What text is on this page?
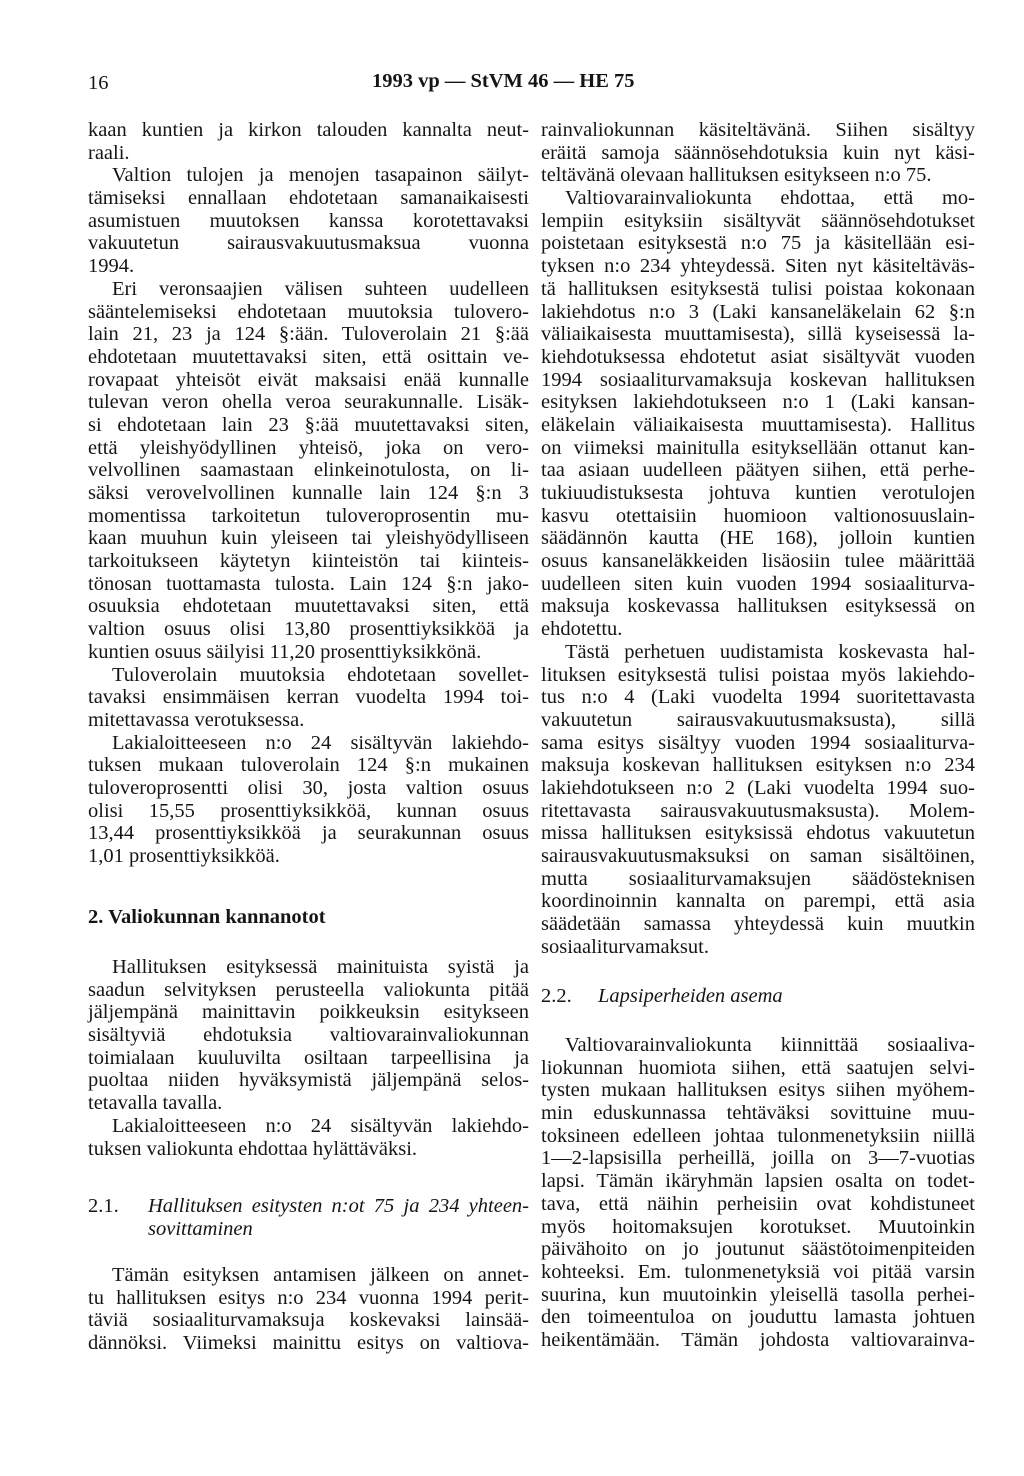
16	1993 vp — StVM 46 — HE 75
kaan kuntien ja kirkon talouden kannalta neut-
raali.
Valtion tulojen ja menojen tasapainon säilyt-
tämiseksi ennallaan ehdotetaan samanaikaisesti
asumistuen muutoksen kanssa korotettavaksi
vakuutetun sairausvakuutusmaksua vuonna
1994.
Eri veronsaajien välisen suhteen uudelleen
sääntelemiseksi ehdotetaan muutoksia tulovero-
lain 21, 23 ja 124 §:ään. Tuloverolain 21 §:ää
ehdotetaan muutettavaksi siten, että osittain ve-
rovapaat yhteisöt eivät maksaisi enää kunnalle
tulevan veron ohella veroa seurakunnalle. Lisäk-
si ehdotetaan lain 23 §:ää muutettavaksi siten,
että yleishyödyllinen yhteisö, joka on vero-
velvollinen saamastaan elinkeinotulosta, on li-
säksi verovelvollinen kunnalle lain 124 §:n 3
momentissa tarkoitetun tuloveroprosentin mu-
kaan muuhun kuin yleiseen tai yleishyödylliseen
tarkoitukseen käytetyn kiinteistön tai kiinteis-
tönosan tuottamasta tulosta. Lain 124 §:n jako-
osuuksia ehdotetaan muutettavaksi siten, että
valtion osuus olisi 13,80 prosenttiyksikköä ja
kuntien osuus säilyisi 11,20 prosenttiyksikkönä.
Tuloverolain muutoksia ehdotetaan sovellet-
tavaksi ensimmäisen kerran vuodelta 1994 toi-
mitettavassa verotuksessa.
Lakialoitteeseen n:o 24 sisältyvän lakiehdo-
tuksen mukaan tuloverolain 124 §:n mukainen
tuloveroprosentti olisi 30, josta valtion osuus
olisi 15,55 prosenttiyksikköä, kunnan osuus
13,44 prosenttiyksikköä ja seurakunnan osuus
1,01 prosenttiyksikköä.
2. Valiokunnan kannanotot
Hallituksen esityksessä mainituista syistä ja
saadun selvityksen perusteella valiokunta pitää
jäljempänä mainittavin poikkeuksin esitykseen
sisältyviä ehdotuksia valtiovarainvaliokunnan
toimialaan kuuluvilta osiltaan tarpeellisina ja
puoltaa niiden hyväksymistä jäljempänä selos-
tetavalla tavalla.
Lakialoitteeseen n:o 24 sisältyvän lakiehdo-
tuksen valiokunta ehdottaa hylättäväksi.
2.1.	Hallituksen esitysten n:ot 75 ja 234 yhteen-
sovittaminen
Tämän esityksen antamisen jälkeen on annet-
tu hallituksen esitys n:o 234 vuonna 1994 perit-
täviä sosiaaliturvamaksuja koskevaksi lainsää-
dännöksi. Viimeksi mainittu esitys on valtiova-
rainvaliokunnan käsiteltävänä. Siihen sisältyy
eräitä samoja säännösehdotuksia kuin nyt käsi-
teltävänä olevaan hallituksen esitykseen n:o 75.
Valtiovarainvaliokunta ehdottaa, että mo-
lempiin esityksiin sisältyvät säännösehdotukset
poistetaan esityksestä n:o 75 ja käsitellään esi-
tyksen n:o 234 yhteydessä. Siten nyt käsiteltäväs-
tä hallituksen esityksestä tulisi poistaa kokonaan
lakiehdotus n:o 3 (Laki kansaneläkelain 62 §:n
väliaikaisesta muuttamisesta), sillä kyseisessä la-
kiehdotuksessa ehdotetut asiat sisältyvät vuoden
1994 sosiaaliturvamaksuja koskevan hallituksen
esityksen lakiehdotukseen n:o 1 (Laki kansan-
eläkelain väliaikaisesta muuttamisesta). Hallitus
on viimeksi mainitulla esityksellään ottanut kan-
taa asiaan uudelleen päätyen siihen, että perhe-
tukiuudistuksesta johtuva kuntien verotulojen
kasvu otettaisiin huomioon valtionosuuslain-
säädännön kautta (HE 168), jolloin kuntien
osuus kansaneläkkeiden lisäosiin tulee määrittää
uudelleen siten kuin vuoden 1994 sosiaaliturva-
maksuja koskevassa hallituksen esityksessä on
ehdotettu.
Tästä perhetuen uudistamista koskevasta hal-
lituksen esityksestä tulisi poistaa myös lakiehdo-
tus n:o 4 (Laki vuodelta 1994 suoritettavasta
vakuutetun sairausvakuutusmaksusta), sillä
sama esitys sisältyy vuoden 1994 sosiaaliturva-
maksuja koskevan hallituksen esityksen n:o 234
lakiehdotukseen n:o 2 (Laki vuodelta 1994 suo-
ritettavasta sairausvakuutusmaksusta). Molem-
missa hallituksen esityksissä ehdotus vakuutetun
sairausvakuutusmaksuksi on saman sisältöinen,
mutta sosiaaliturvamaksujen säädösteknisen
koordinoinnin kannalta on parempi, että asia
säädetään samassa yhteydessä kuin muutkin
sosiaaliturvamaksut.
2.2.	Lapsiperheiden asema
Valtiovarainvaliokunta kiinnittää sosiaaliva-
liokunnan huomiota siihen, että saatujen selvi-
tysten mukaan hallituksen esitys siihen myöhem-
min eduskunnassa tehtäväksi sovittuine muu-
toksineen edelleen johtaa tulonmenetyksiin niillä
1—2-lapsisilla perheillä, joilla on 3—7-vuotias
lapsi. Tämän ikäryhmän lapsien osalta on todet-
tava, että näihin perheisiin ovat kohdistuneet
myös hoitomaksujen korotukset. Muutoinkin
päivähoito on jo joutunut säästötoimenpiteiden
kohteeksi. Em. tulonmenetyksiä voi pitää varsin
suurina, kun muutoinkin yleisellä tasolla perhei-
den toimeentuloa on jouduttu lamasta johtuen
heikentämään. Tämän johdosta valtiovarainva-
